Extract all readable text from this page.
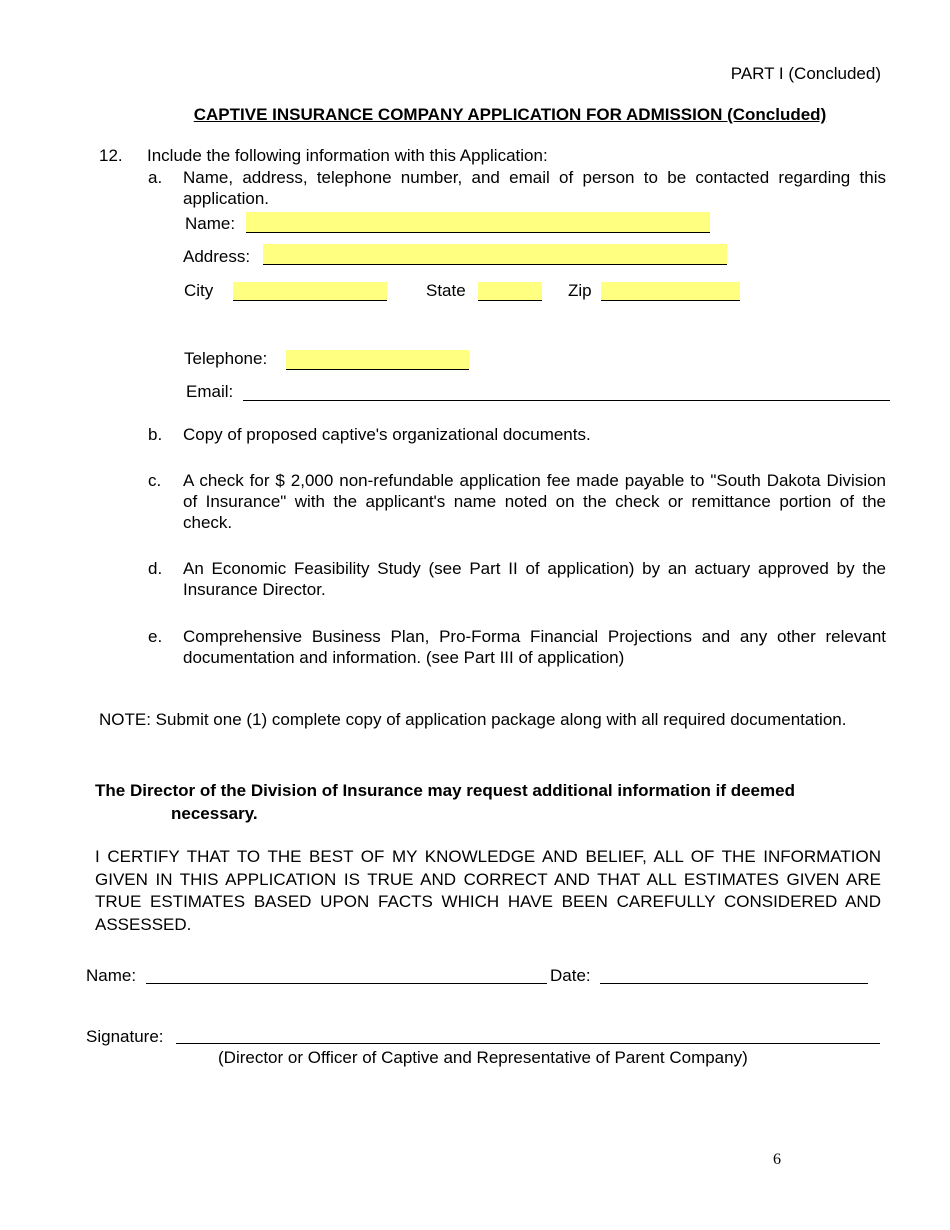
PART I (Concluded)
CAPTIVE INSURANCE COMPANY APPLICATION FOR ADMISSION (Concluded)
12. Include the following information with this Application:
a. Name, address, telephone number, and email of person to be contacted regarding this application.
Name:
Address:
City	State	Zip
Telephone:
Email:
b. Copy of proposed captive's organizational documents.
c. A check for $ 2,000 non-refundable application fee made payable to "South Dakota Division of Insurance" with the applicant's name noted on the check or remittance portion of the check.
d. An Economic Feasibility Study (see Part II of application) by an actuary approved by the Insurance Director.
e. Comprehensive Business Plan, Pro-Forma Financial Projections and any other relevant documentation and information. (see Part III of application)
NOTE: Submit one (1) complete copy of application package along with all required documentation.
The Director of the Division of Insurance may request additional information if deemed
necessary.
I CERTIFY THAT TO THE BEST OF MY KNOWLEDGE AND BELIEF, ALL OF THE INFORMATION GIVEN IN THIS APPLICATION IS TRUE AND CORRECT AND THAT ALL ESTIMATES GIVEN ARE TRUE ESTIMATES BASED UPON FACTS WHICH HAVE BEEN CAREFULLY CONSIDERED AND ASSESSED.
Name:	Date:
Signature:
(Director or Officer of Captive and Representative of Parent Company)
6
